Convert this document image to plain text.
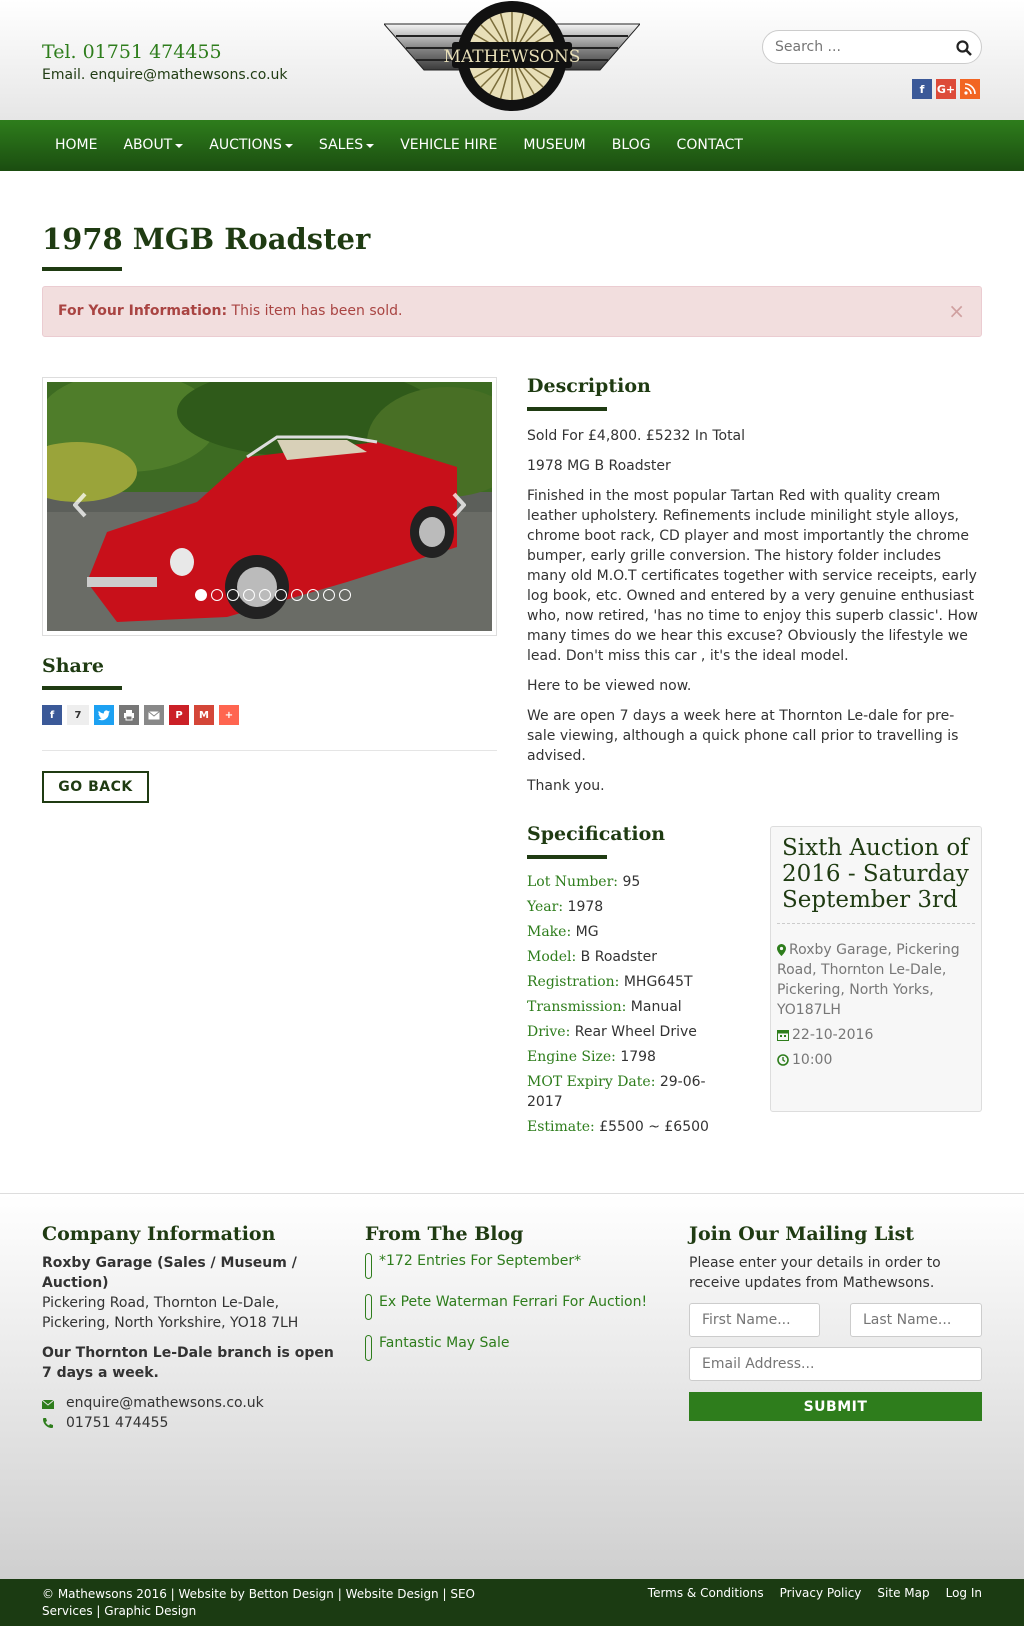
Tel. 01751 474455
Email. enquire@mathewsons.co.uk
MATHEWSONS
Search ...
f	G+
HOME ABOUT	AUCTIONS	SALES	VEHICLE HIRE MUSEUM BLOG CONTACT
1978 MGB Roadster
For Your Information: This item has been sold.	×
Share
f	7	P	M	+
GO BACK
Description

Sold For £4,800. £5232 In Total

1978 MG B Roadster

Finished in the most popular Tartan Red with quality cream leather upholstery. Refinements include minilight style alloys, chrome boot rack, CD player and most importantly the chrome bumper, early grille conversion. The history folder includes many old M.O.T certificates together with service receipts, early log book, etc. Owned and entered by a very genuine enthusiast who, now retired, 'has no time to enjoy this superb classic'. How many times do we hear this excuse? Obviously the lifestyle we lead. Don't miss this car , it's the ideal model.

Here to be viewed now.

We are open 7 days a week here at Thornton Le-dale for pre-sale viewing, although a quick phone call prior to travelling is advised.

Thank you.

Specification
Lot Number: 95
Year: 1978
Make: MG
Model: B Roadster
Registration: MHG645T
Transmission: Manual
Drive: Rear Wheel Drive
Engine Size: 1798
MOT Expiry Date: 29-06-2017
Estimate: £5500 ~ £6500
Sixth Auction of 2016 - Saturday September 3rd
Roxby Garage, Pickering Road, Thornton Le-Dale, Pickering, North Yorks, YO187LH
22-10-2016
10:00
Company Information
Roxby Garage (Sales / Museum / Auction)
Pickering Road, Thornton Le-Dale, Pickering, North Yorkshire, YO18 7LH
Our Thornton Le-Dale branch is open 7 days a week.
enquire@mathewsons.co.uk
01751 474455
From The Blog
*172 Entries For September*
Ex Pete Waterman Ferrari For Auction!
Fantastic May Sale
Join Our Mailing List
Please enter your details in order to receive updates from Mathewsons.
First Name...
Last Name...
Email Address...
SUBMIT
© Mathewsons 2016 | Website by Betton Design | Website Design | SEO Services | Graphic Design
Terms & Conditions Privacy Policy Site Map Log In
